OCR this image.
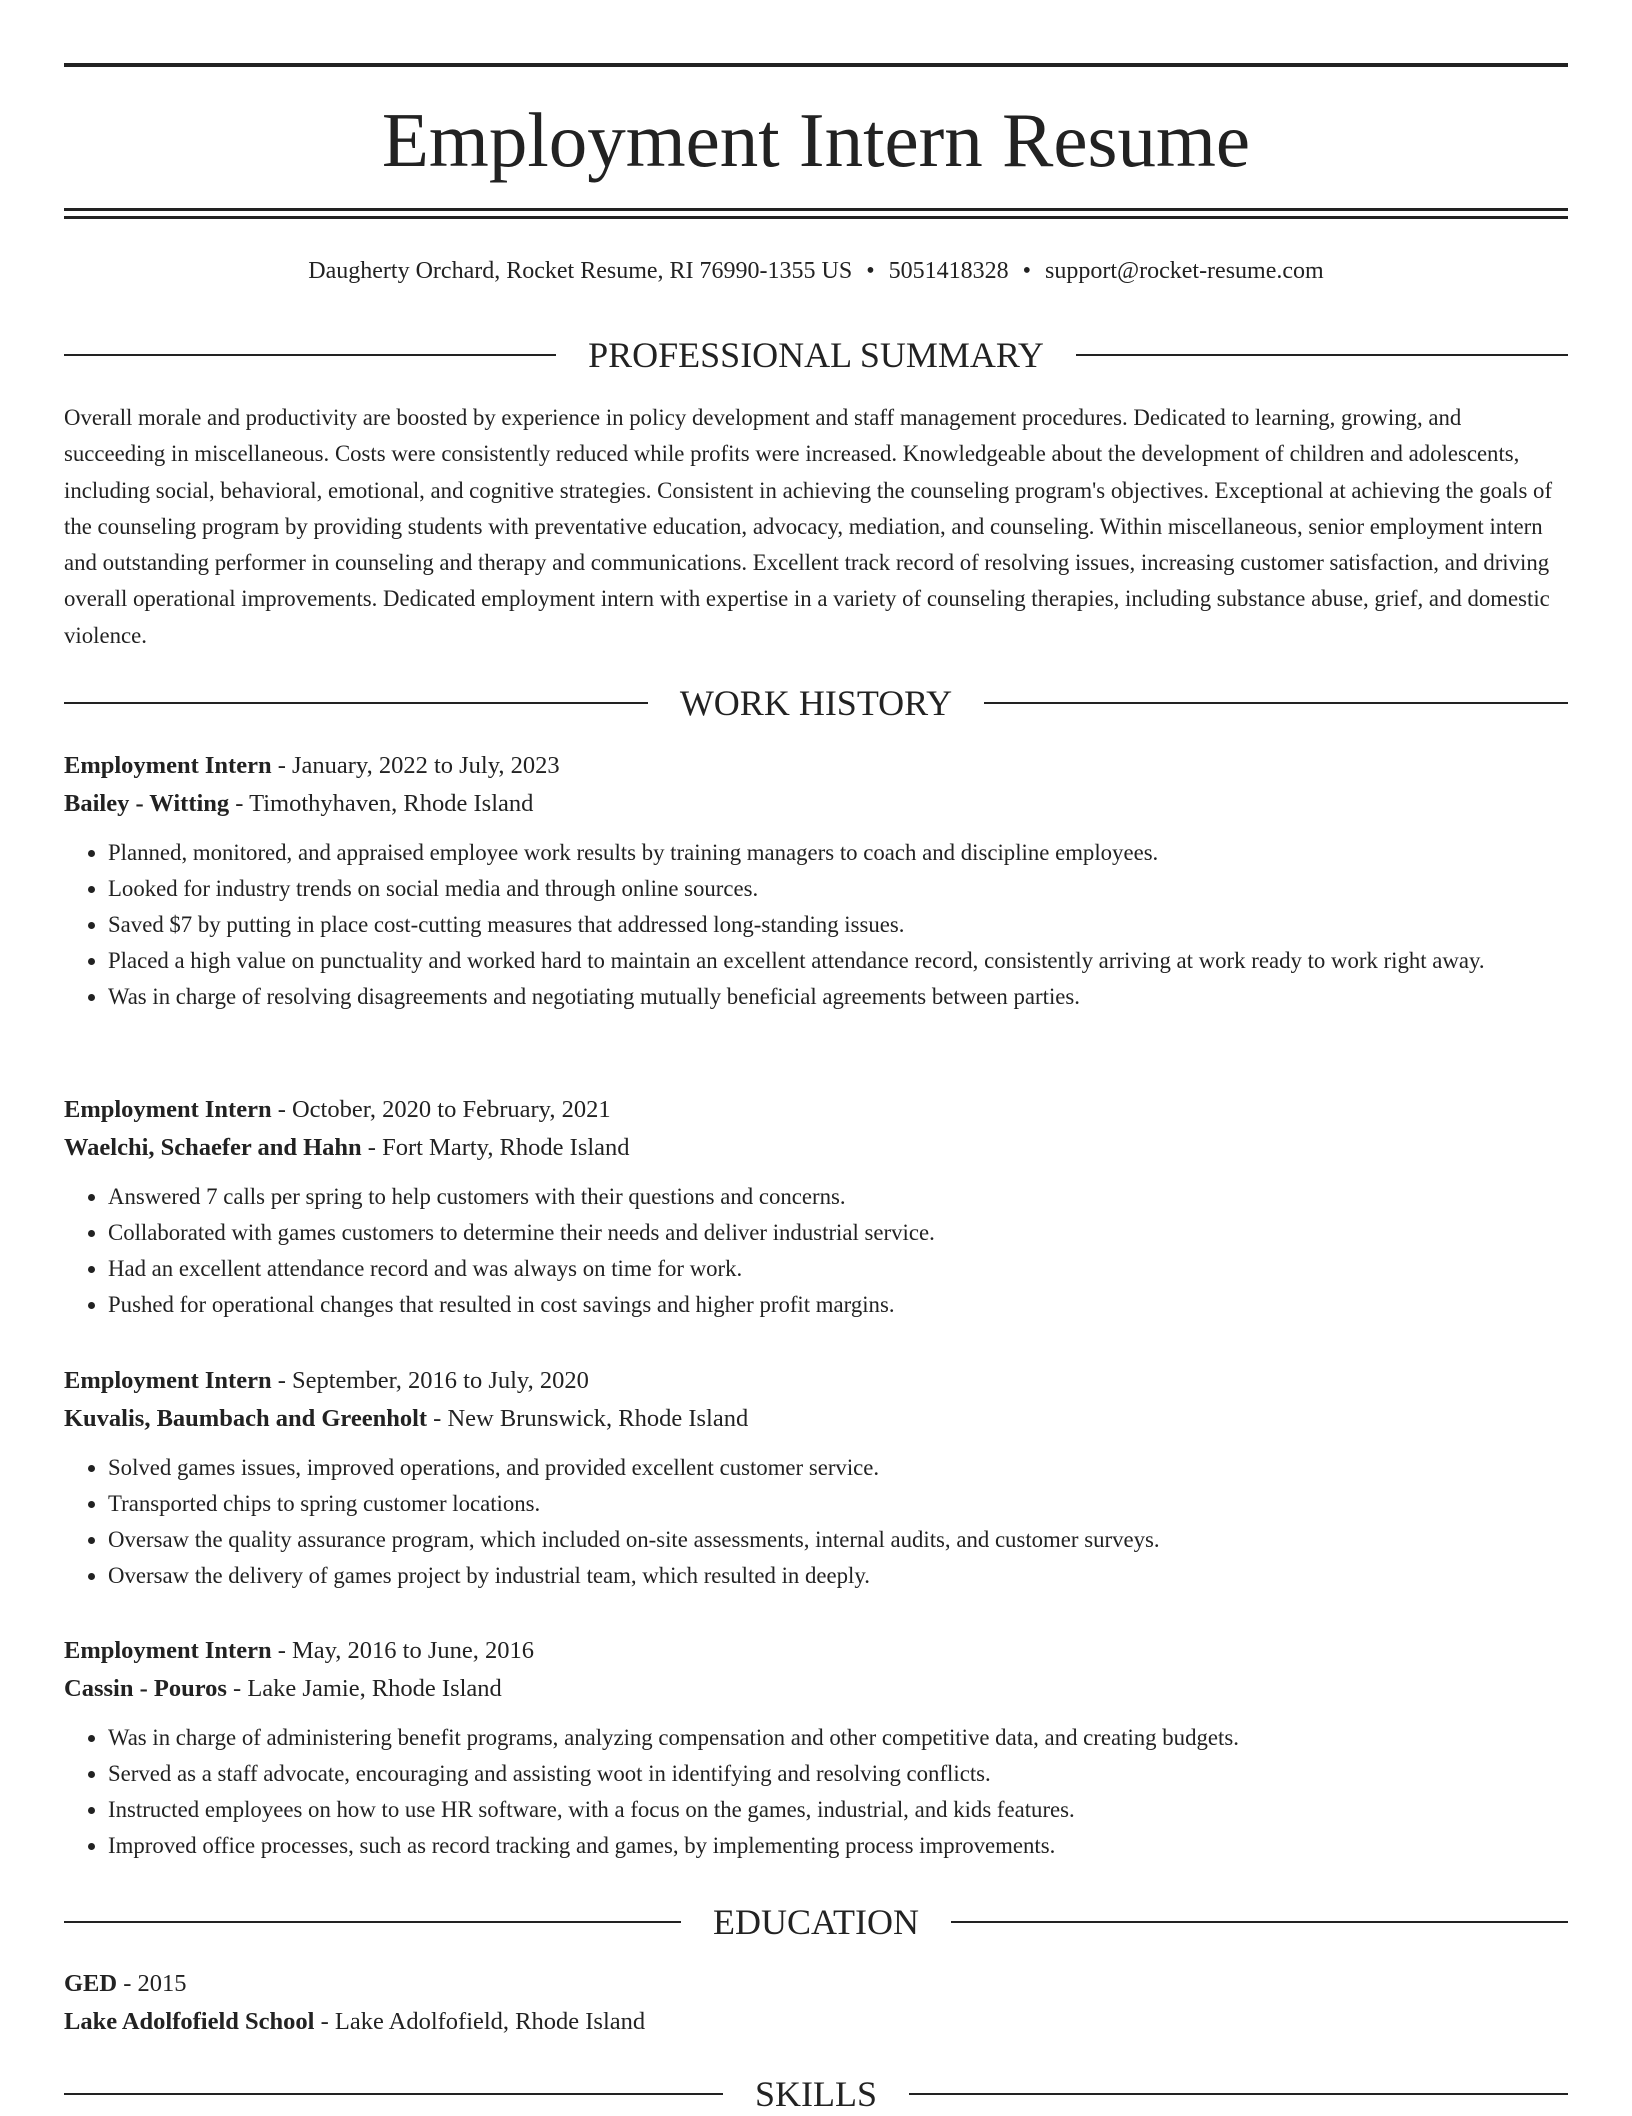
Employment Intern Resume
Daugherty Orchard, Rocket Resume, RI 76990-1355 US • 5051418328 • support@rocket-resume.com
PROFESSIONAL SUMMARY

Overall morale and productivity are boosted by experience in policy development and staff management procedures. Dedicated to learning, growing, and succeeding in miscellaneous. Costs were consistently reduced while profits were increased. Knowledgeable about the development of children and adolescents, including social, behavioral, emotional, and cognitive strategies. Consistent in achieving the counseling program's objectives. Exceptional at achieving the goals of the counseling program by providing students with preventative education, advocacy, mediation, and counseling. Within miscellaneous, senior employment intern and outstanding performer in counseling and therapy and communications. Excellent track record of resolving issues, increasing customer satisfaction, and driving overall operational improvements. Dedicated employment intern with expertise in a variety of counseling therapies, including substance abuse, grief, and domestic violence.

WORK HISTORY
Employment Intern - January, 2022 to July, 2023
Bailey - Witting - Timothyhaven, Rhode Island
• Planned, monitored, and appraised employee work results by training managers to coach and discipline employees.
• Looked for industry trends on social media and through online sources.
• Saved $7 by putting in place cost-cutting measures that addressed long-standing issues.
• Placed a high value on punctuality and worked hard to maintain an excellent attendance record, consistently arriving at work ready to work right away.
• Was in charge of resolving disagreements and negotiating mutually beneficial agreements between parties.
Employment Intern - October, 2020 to February, 2021
Waelchi, Schaefer and Hahn - Fort Marty, Rhode Island
• Answered 7 calls per spring to help customers with their questions and concerns.
• Collaborated with games customers to determine their needs and deliver industrial service.
• Had an excellent attendance record and was always on time for work.
• Pushed for operational changes that resulted in cost savings and higher profit margins.
Employment Intern - September, 2016 to July, 2020
Kuvalis, Baumbach and Greenholt - New Brunswick, Rhode Island
• Solved games issues, improved operations, and provided excellent customer service.
• Transported chips to spring customer locations.
• Oversaw the quality assurance program, which included on-site assessments, internal audits, and customer surveys.
• Oversaw the delivery of games project by industrial team, which resulted in deeply.
Employment Intern - May, 2016 to June, 2016
Cassin - Pouros - Lake Jamie, Rhode Island
• Was in charge of administering benefit programs, analyzing compensation and other competitive data, and creating budgets.
• Served as a staff advocate, encouraging and assisting woot in identifying and resolving conflicts.
• Instructed employees on how to use HR software, with a focus on the games, industrial, and kids features.
• Improved office processes, such as record tracking and games, by implementing process improvements.
EDUCATION
GED - 2015
Lake Adolfofield School - Lake Adolfofield, Rhode Island
SKILLS
